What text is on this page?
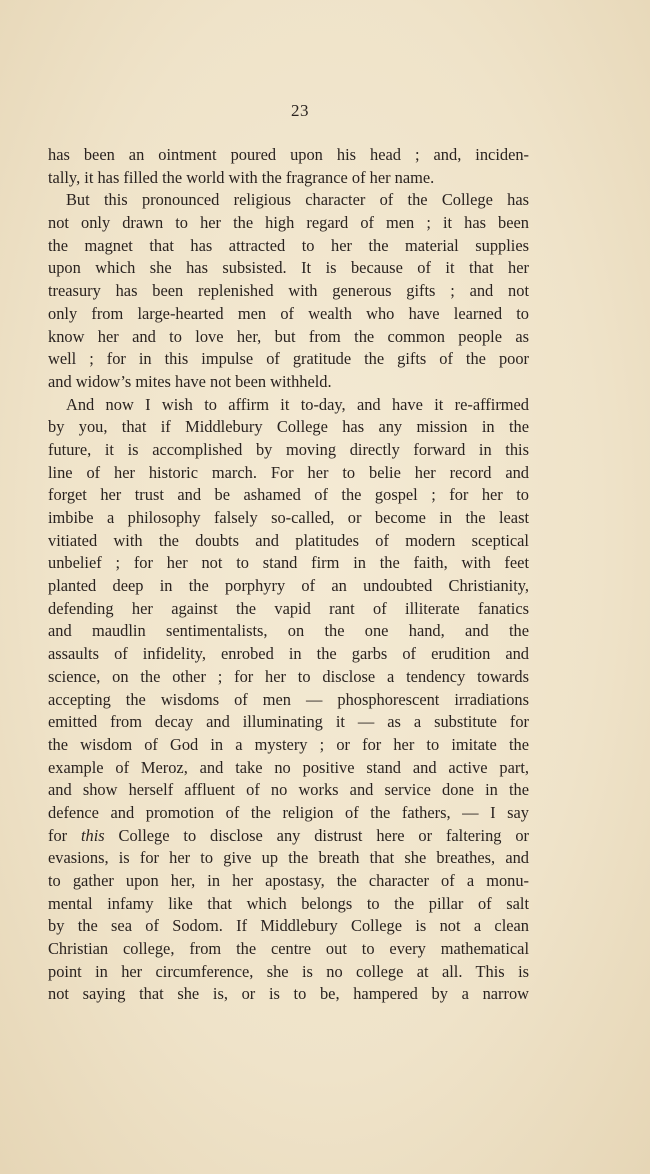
23
has been an ointment poured upon his head ; and, inciden-
tally, it has filled the world with the fragrance of her name.
But this pronounced religious character of the College has
not only drawn to her the high regard of men ; it has been
the magnet that has attracted to her the material supplies
upon which she has subsisted. It is because of it that her
treasury has been replenished with generous gifts ; and not
only from large-hearted men of wealth who have learned to
know her and to love her, but from the common people as
well ; for in this impulse of gratitude the gifts of the poor
and widow’s mites have not been withheld.
And now I wish to affirm it to-day, and have it re-affirmed
by you, that if Middlebury College has any mission in the
future, it is accomplished by moving directly forward in this
line of her historic march. For her to belie her record and
forget her trust and be ashamed of the gospel ; for her to
imbibe a philosophy falsely so-called, or become in the least
vitiated with the doubts and platitudes of modern sceptical
unbelief ; for her not to stand firm in the faith, with feet
planted deep in the porphyry of an undoubted Christianity,
defending her against the vapid rant of illiterate fanatics
and maudlin sentimentalists, on the one hand, and the
assaults of infidelity, enrobed in the garbs of erudition and
science, on the other ; for her to disclose a tendency towards
accepting the wisdoms of men — phosphorescent irradiations
emitted from decay and illuminating it — as a substitute for
the wisdom of God in a mystery ; or for her to imitate the
example of Meroz, and take no positive stand and active part,
and show herself affluent of no works and service done in the
defence and promotion of the religion of the fathers, — I say
for this College to disclose any distrust here or faltering or
evasions, is for her to give up the breath that she breathes, and
to gather upon her, in her apostasy, the character of a monu-
mental infamy like that which belongs to the pillar of salt
by the sea of Sodom. If Middlebury College is not a clean
Christian college, from the centre out to every mathematical
point in her circumference, she is no college at all. This is
not saying that she is, or is to be, hampered by a narrow
